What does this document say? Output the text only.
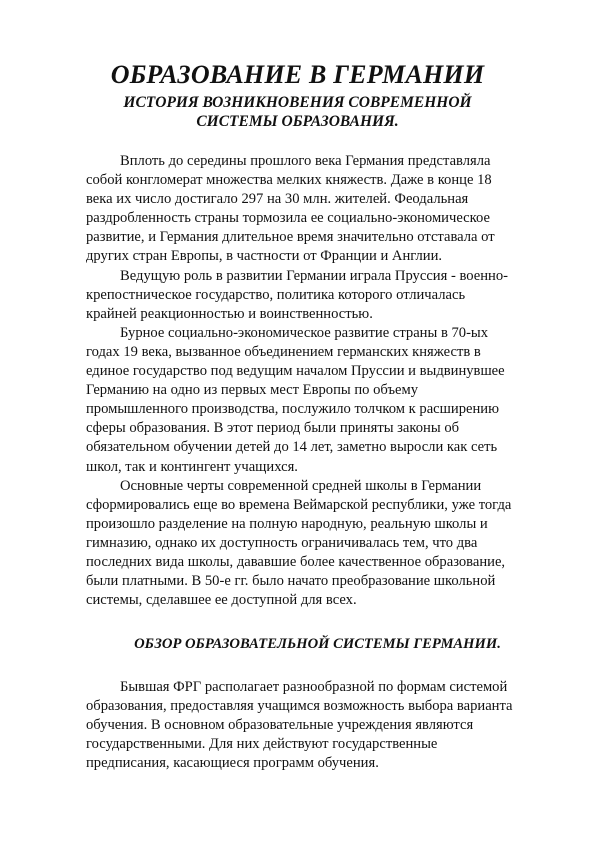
ОБРАЗОВАНИЕ В ГЕРМАНИИ
ИСТОРИЯ ВОЗНИКНОВЕНИЯ СОВРЕМЕННОЙ
СИСТЕМЫ ОБРАЗОВАНИЯ.

Вплоть до середины прошлого века Германия представляла
собой конгломерат множества мелких княжеств. Даже в конце 18
века их число достигало 297 на 30 млн. жителей. Феодальная
раздробленность страны тормозила ее социально-экономическое
развитие, и Германия длительное время значительно отставала от
других стран Европы, в частности от Франции и Англии.

Ведущую роль в развитии Германии играла Пруссия - военно-
крепостническое государство, политика которого отличалась
крайней реакционностью и воинственностью.

Бурное социально-экономическое развитие страны в 70-ых
годах 19 века, вызванное объединением германских княжеств в
единое государство под ведущим началом Пруссии и выдвинувшее
Германию на одно из первых мест Европы по объему
промышленного производства, послужило толчком к расширению
сферы образования. В этот период были приняты законы об
обязательном обучении детей до 14 лет, заметно выросли как сеть
школ, так и контингент учащихся.

Основные черты современной средней школы в Германии
сформировались еще во времена Веймарской республики, уже тогда
произошло разделение на полную народную, реальную школы и
гимназию, однако их доступность ограничивалась тем, что два
последних вида школы, дававшие более качественное образование,
были платными. В 50-е гг. было начато преобразование школьной
системы, сделавшее ее доступной для всех.

ОБЗОР ОБРАЗОВАТЕЛЬНОЙ СИСТЕМЫ ГЕРМАНИИ.

Бывшая ФРГ располагает разнообразной по формам системой
образования, предоставляя учащимся возможность выбора варианта
обучения. В основном образовательные учреждения являются
государственными. Для них действуют государственные
предписания, касающиеся программ обучения.
